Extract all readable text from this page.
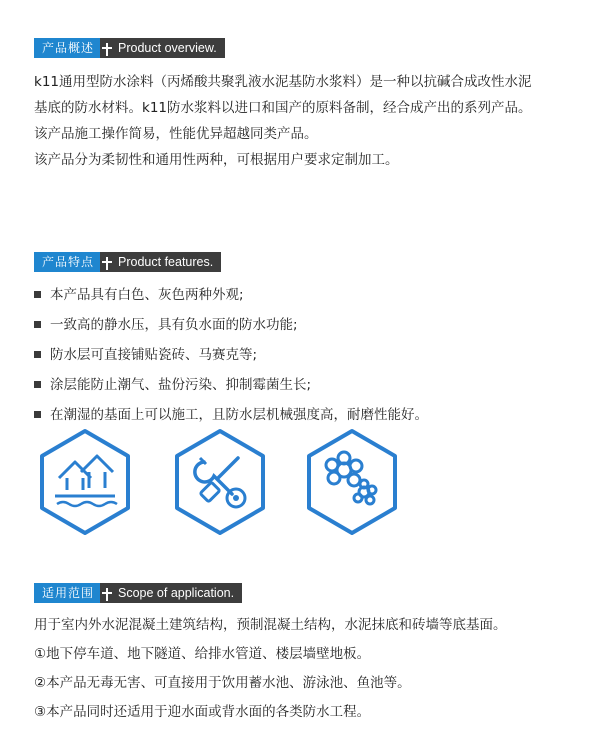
产品概述	Product overview.

k11通用型防水涂料（丙烯酸共聚乳液水泥基防水浆料）是一种以抗碱合成改性水泥

基底的防水材料。k11防水浆料以进口和国产的原料备制，经合成产出的系列产品。

该产品施工操作简易，性能优异超越同类产品。

该产品分为柔韧性和通用性两种，可根据用户要求定制加工。

产品特点	Product features.
本产品具有白色、灰色两种外观;
一致高的静水压，具有负水面的防水功能;
防水层可直接铺贴瓷砖、马赛克等;
涂层能防止潮气、盐份污染、抑制霉菌生长;
在潮湿的基面上可以施工，且防水层机械强度高，耐磨性能好。
适用范围	Scope of application.
用于室内外水泥混凝土建筑结构，预制混凝土结构，水泥抹底和砖墙等底基面。
①地下停车道、地下隧道、给排水管道、楼层墙壁地板。
②本产品无毒无害、可直接用于饮用蓄水池、游泳池、鱼池等。
③本产品同时还适用于迎水面或背水面的各类防水工程。
